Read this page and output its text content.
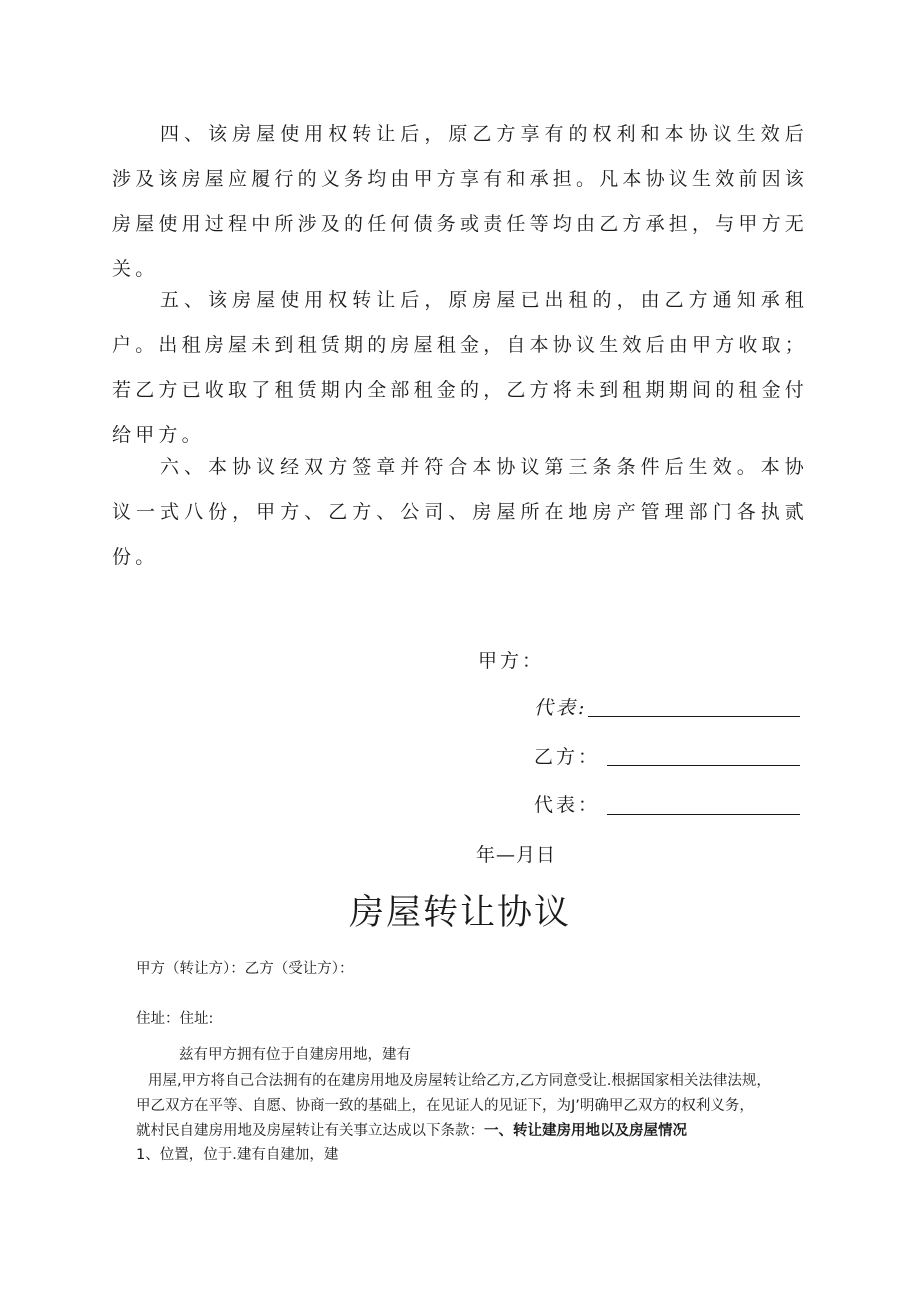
四、该房屋使用权转让后，原乙方享有的权利和本协议生效后涉及该房屋应履行的义务均由甲方享有和承担。凡本协议生效前因该房屋使用过程中所涉及的任何债务或责任等均由乙方承担，与甲方无关。

五、该房屋使用权转让后，原房屋已出租的，由乙方通知承租户。出租房屋未到租赁期的房屋租金，自本协议生效后由甲方收取；若乙方已收取了租赁期内全部租金的，乙方将未到租期期间的租金付给甲方。

六、本协议经双方签章并符合本协议第三条条件后生效。本协议一式八份，甲方、乙方、公司、房屋所在地房产管理部门各执贰份。

甲方：
代表:
乙方：
代表：
年—月日
房屋转让协议

甲方（转让方）：乙方（受让方）：

住址：住址:

兹有甲方拥有位于自建房用地，建有

用屋,甲方将自己合法拥有的在建房用地及房屋转让给乙方,乙方同意受让.根据国家相关法律法规，

甲乙双方在平等、自愿、协商一致的基础上，在见证人的见证下，为J’明确甲乙双方的权利义务，

就村民自建房用地及房屋转让有关事立达成以下条款：一、转让建房用地以及房屋情况

1、位置，位于.建有自建加，建
